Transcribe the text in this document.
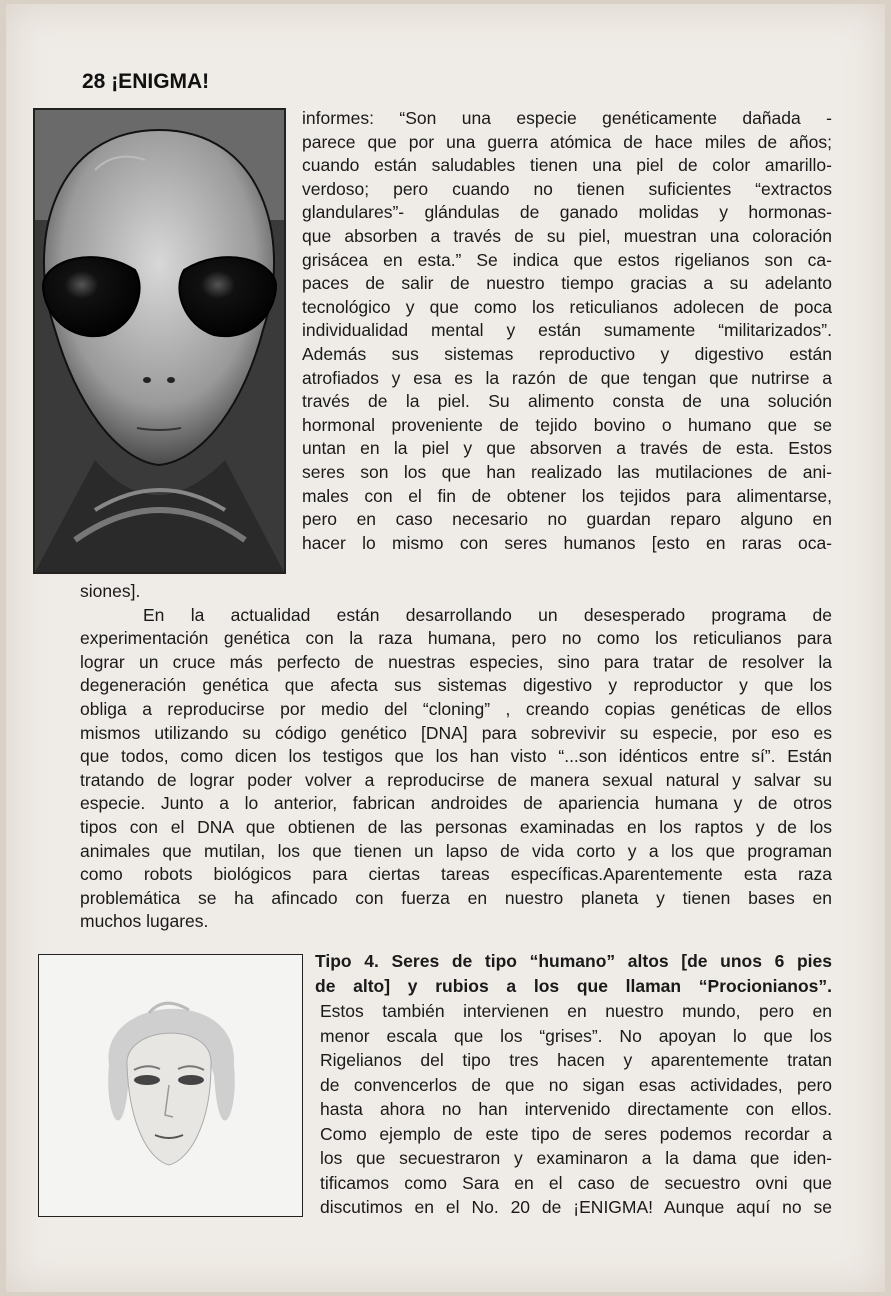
28 ¡ENIGMA!
informes: “Son una especie genéticamente dañada -
parece que por una guerra atómica de hace miles de años;
cuando están saludables tienen una piel de color amarillo-
verdoso; pero cuando no tienen suficientes “extractos
glandulares”- glándulas de ganado molidas y hormonas-
que absorben a través de su piel, muestran una coloración
grisácea en esta.” Se indica que estos rigelianos son ca-
paces de salir de nuestro tiempo gracias a su adelanto
tecnológico y que como los reticulianos adolecen de poca
individualidad mental y están sumamente “militarizados”.
Además sus sistemas reproductivo y digestivo están
atrofiados y esa es la razón de que tengan que nutrirse a
través de la piel. Su alimento consta de una solución
hormonal proveniente de tejido bovino o humano que se
untan en la piel y que absorven a través de esta. Estos
seres son los que han realizado las mutilaciones de ani-
males con el fin de obtener los tejidos para alimentarse,
pero en caso necesario no guardan reparo alguno en
hacer lo mismo con seres humanos [esto en raras oca-
siones].
En la actualidad están desarrollando un desesperado programa de
experimentación genética con la raza humana, pero no como los reticulianos para
lograr un cruce más perfecto de nuestras especies, sino para tratar de resolver la
degeneración genética que afecta sus sistemas digestivo y reproductor y que los
obliga a reproducirse por medio del “cloning” , creando copias genéticas de ellos
mismos utilizando su código genético [DNA] para sobrevivir su especie, por eso es
que todos, como dicen los testigos que los han visto “...son idénticos entre sí”. Están
tratando de lograr poder volver a reproducirse de manera sexual natural y salvar su
especie. Junto a lo anterior, fabrican androides de apariencia humana y de otros
tipos con el DNA que obtienen de las personas examinadas en los raptos y de los
animales que mutilan, los que tienen un lapso de vida corto y a los que programan
como robots biológicos para ciertas tareas específicas.Aparentemente esta raza
problemática se ha afincado con fuerza en nuestro planeta y tienen bases en
muchos lugares.
Tipo 4. Seres de tipo “humano” altos [de unos 6 pies
de alto] y rubios a los que llaman “Procionianos”.
Estos también intervienen en nuestro mundo, pero en
menor escala que los “grises”. No apoyan lo que los
Rigelianos del tipo tres hacen y aparentemente tratan
de convencerlos de que no sigan esas actividades, pero
hasta ahora no han intervenido directamente con ellos.
Como ejemplo de este tipo de seres podemos recordar a
los que secuestraron y examinaron a la dama que iden-
tificamos como Sara en el caso de secuestro ovni que
discutimos en el No. 20 de ¡ENIGMA! Aunque aquí no se
